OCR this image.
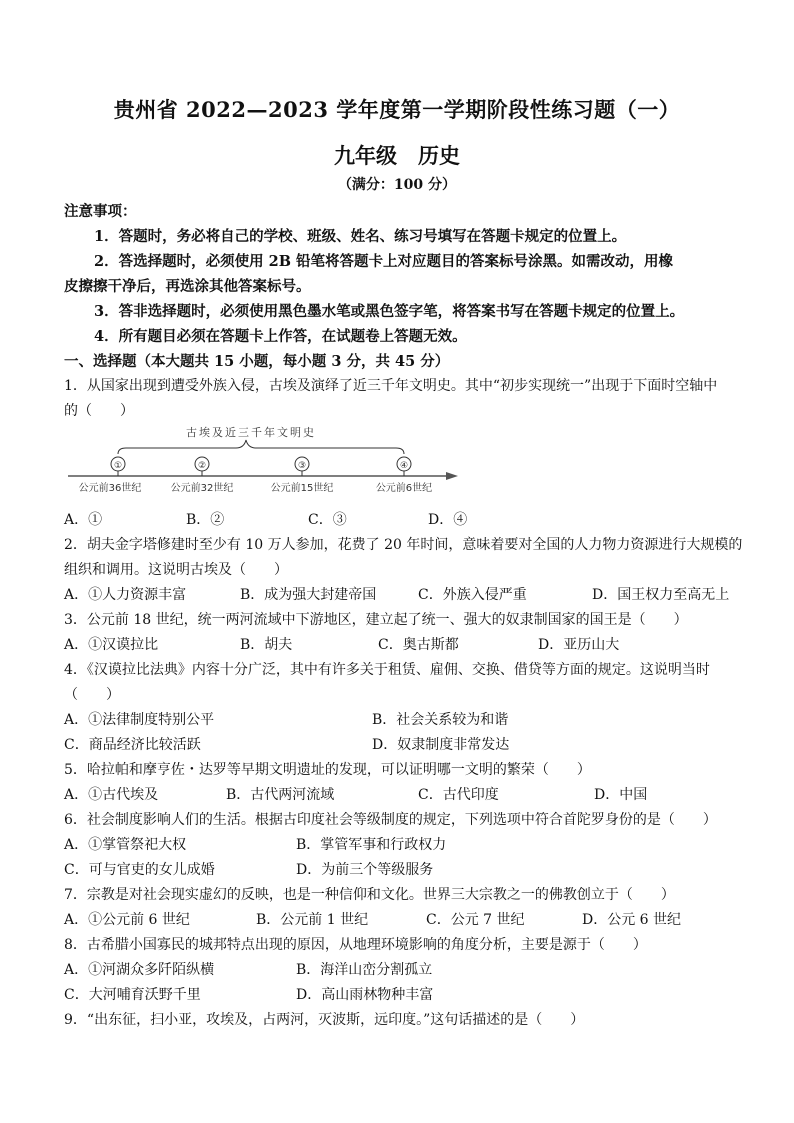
贵州省 2022—2023 学年度第一学期阶段性练习题（一）
九年级　历史
（满分：100 分）
注意事项：
1．答题时，务必将自己的学校、班级、姓名、练习号填写在答题卡规定的位置上。
2．答选择题时，必须使用 2B 铅笔将答题卡上对应题目的答案标号涂黑。如需改动，用橡
皮擦擦干净后，再选涂其他答案标号。
3．答非选择题时，必须使用黑色墨水笔或黑色签字笔，将答案书写在答题卡规定的位置上。
4．所有题目必须在答题卡上作答，在试题卷上答题无效。
一、选择题（本大题共 15 小题，每小题 3 分，共 45 分）
1．从国家出现到遭受外族入侵，古埃及演绎了近三千年文明史。其中“初步实现统一”出现于下面时空轴中
的（　　）
古埃及近三千年文明史
①	②	③	④
公元前36世纪	公元前32世纪	公元前15世纪	公元前6世纪
A．①	B．②	C．③	D．④
2．胡夫金字塔修建时至少有 10 万人参加，花费了 20 年时间，意味着要对全国的人力物力资源进行大规模的
组织和调用。这说明古埃及（　　）
A．①人力资源丰富	B．成为强大封建帝国	C．外族入侵严重	D．国王权力至高无上
3．公元前 18 世纪，统一两河流域中下游地区，建立起了统一、强大的奴隶制国家的国王是（　　）
A．①汉谟拉比	B．胡夫	C．奥古斯都	D．亚历山大
4．《汉谟拉比法典》内容十分广泛，其中有许多关于租赁、雇佣、交换、借贷等方面的规定。这说明当时
（　　）
A．①法律制度特别公平	B．社会关系较为和谐
C．商品经济比较活跃	D．奴隶制度非常发达
5．哈拉帕和摩亨佐・达罗等早期文明遗址的发现，可以证明哪一文明的繁荣（　　）
A．①古代埃及	B．古代两河流域	C．古代印度	D．中国
6．社会制度影响人们的生活。根据古印度社会等级制度的规定，下列选项中符合首陀罗身份的是（　　）
A．①掌管祭祀大权	B．掌管军事和行政权力
C．可与官吏的女儿成婚	D．为前三个等级服务
7．宗教是对社会现实虚幻的反映，也是一种信仰和文化。世界三大宗教之一的佛教创立于（　　）
A．①公元前 6 世纪	B．公元前 1 世纪	C．公元 7 世纪	D．公元 6 世纪
8．古希腊小国寡民的城邦特点出现的原因，从地理环境影响的角度分析，主要是源于（　　）
A．①河湖众多阡陌纵横	B．海洋山峦分割孤立
C．大河哺育沃野千里	D．高山雨林物种丰富
9．“出东征，扫小亚，攻埃及，占两河，灭波斯，远印度。”这句话描述的是（　　）
